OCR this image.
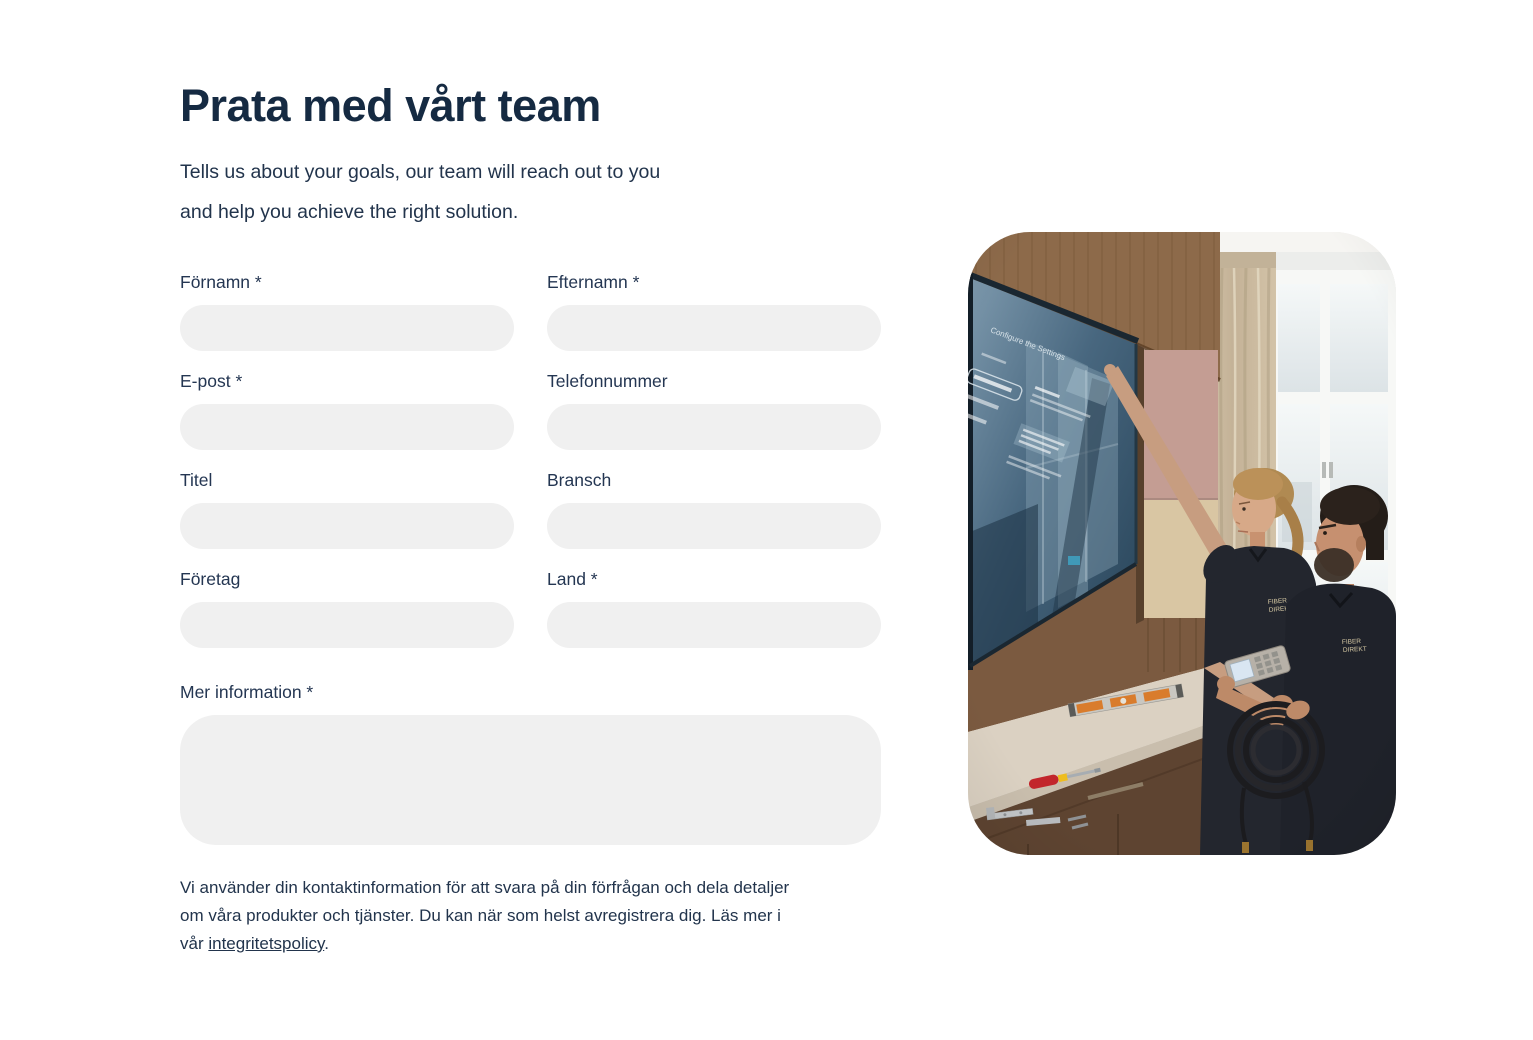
Prata med vårt team

Tells us about your goals, our team will reach out to you
and help you achieve the right solution.

Förnamn *	Efternamn *
E-post *	Telefonnummer
Titel	Bransch
Företag	Land *
Mer information *

Vi använder din kontaktinformation för att svara på din förfrågan och dela detaljer
om våra produkter och tjänster. Du kan när som helst avregistrera dig. Läs mer i
vår integritetspolicy.
